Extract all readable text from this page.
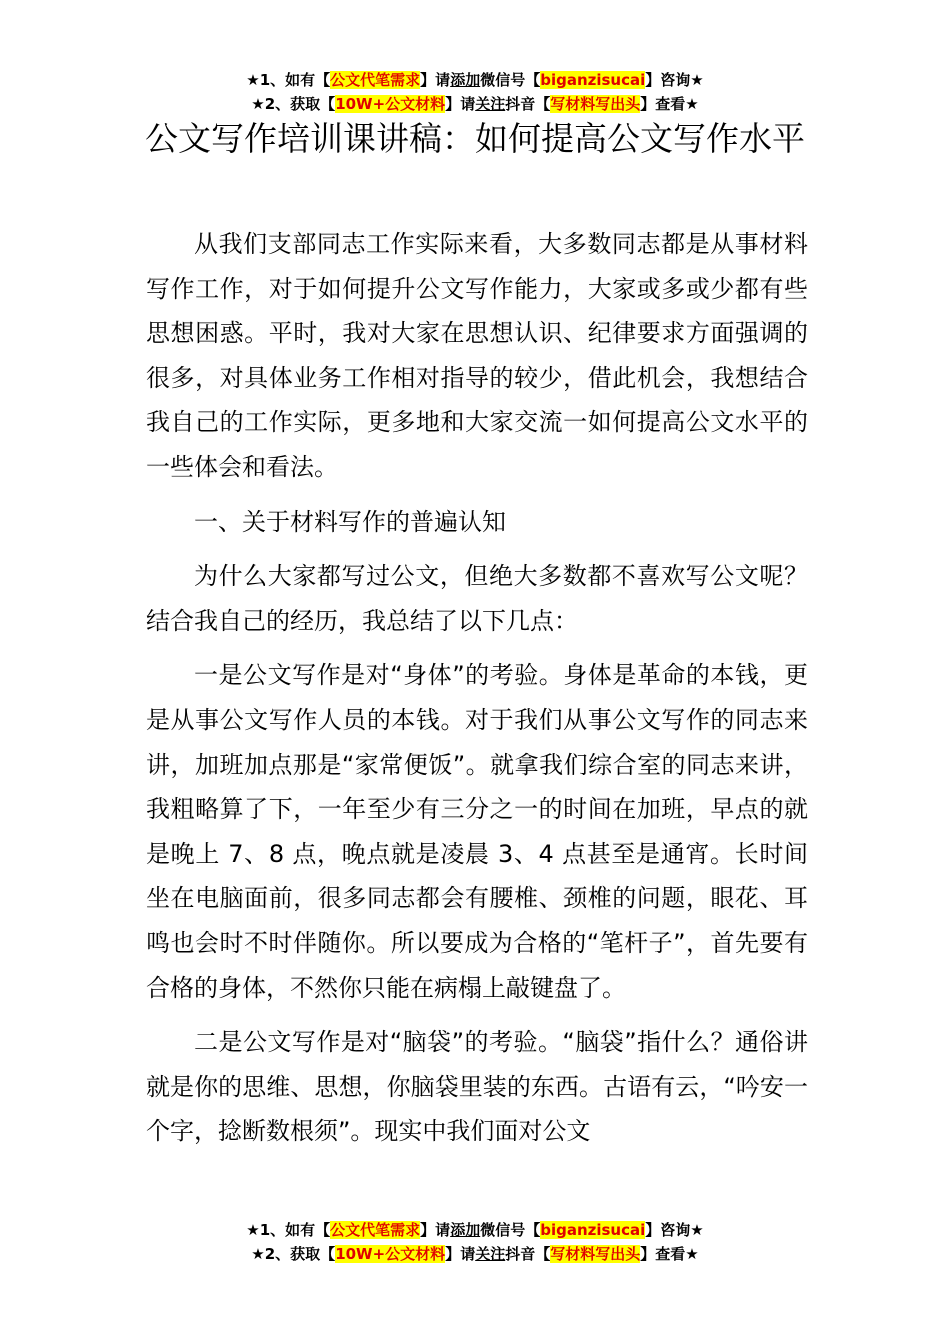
★1、如有【公文代笔需求】请添加微信号【biganzisucai】咨询★
★2、获取【10W+公文材料】请关注抖音【写材料写出头】查看★
公文写作培训课讲稿：如何提高公文写作水平

从我们支部同志工作实际来看，大多数同志都是从事材料写作工作，对于如何提升公文写作能力，大家或多或少都有些思想困惑。平时，我对大家在思想认识、纪律要求方面强调的很多，对具体业务工作相对指导的较少，借此机会，我想结合我自己的工作实际，更多地和大家交流一如何提高公文水平的一些体会和看法。

一、关于材料写作的普遍认知

为什么大家都写过公文，但绝大多数都不喜欢写公文呢？结合我自己的经历，我总结了以下几点：

一是公文写作是对“身体”的考验。身体是革命的本钱，更是从事公文写作人员的本钱。对于我们从事公文写作的同志来讲，加班加点那是“家常便饭”。就拿我们综合室的同志来讲，我粗略算了下，一年至少有三分之一的时间在加班，早点的就是晚上 7、8 点，晚点就是凌晨 3、4 点甚至是通宵。长时间坐在电脑面前，很多同志都会有腰椎、颈椎的问题，眼花、耳鸣也会时不时伴随你。所以要成为合格的“笔杆子”，首先要有合格的身体，不然你只能在病榻上敲键盘了。

二是公文写作是对“脑袋”的考验。“脑袋”指什么？通俗讲就是你的思维、思想，你脑袋里装的东西。古语有云，“吟安一个字，捻断数根须”。现实中我们面对公文

★1、如有【公文代笔需求】请添加微信号【biganzisucai】咨询★
★2、获取【10W+公文材料】请关注抖音【写材料写出头】查看★
